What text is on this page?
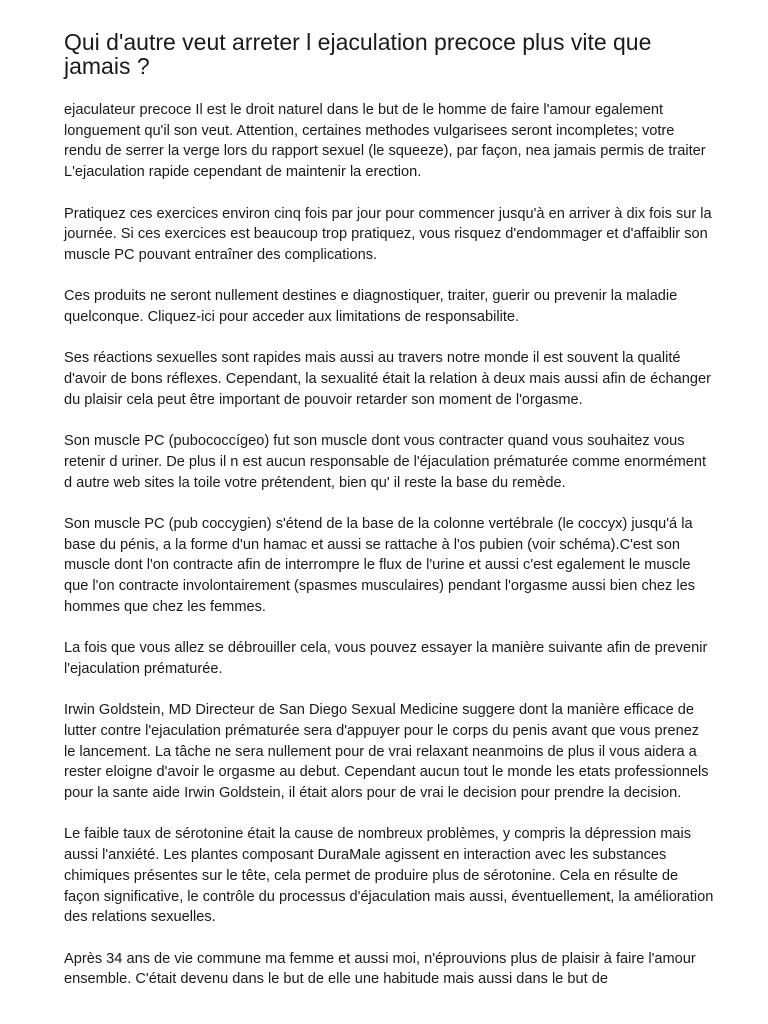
Qui d'autre veut arreter l ejaculation precoce plus vite que jamais ?

ejaculateur precoce Il est le droit naturel dans le but de le homme de faire l'amour egalement longuement qu'il son veut. Attention, certaines methodes vulgarisees seront incompletes; votre rendu de serrer la verge lors du rapport sexuel (le squeeze), par façon, nea jamais permis de traiter L'ejaculation rapide cependant de maintenir la erection.

Pratiquez ces exercices environ cinq fois par jour pour commencer jusqu'à en arriver à dix fois sur la journée. Si ces exercices est beaucoup trop pratiquez, vous risquez d'endommager et d'affaiblir son muscle PC pouvant entraîner des complications.

Ces produits ne seront nullement destines e diagnostiquer, traiter, guerir ou prevenir la maladie quelconque. Cliquez-ici pour acceder aux limitations de responsabilite.

Ses réactions sexuelles sont rapides mais aussi au travers notre monde il est souvent la qualité d'avoir de bons réflexes. Cependant, la sexualité était la relation à deux mais aussi afin de échanger du plaisir cela peut être important de pouvoir retarder son moment de l'orgasme.

Son muscle PC (pubococcígeo) fut son muscle dont vous contracter quand vous souhaitez vous retenir d uriner. De plus il n est aucun responsable de l'éjaculation prématurée comme enormément d autre web sites la toile votre prétendent, bien qu' il reste la base du remède.

Son muscle PC (pub coccygien) s'étend de la base de la colonne vertébrale (le coccyx) jusqu'á la base du pénis, a la forme d'un hamac et aussi se rattache à l'os pubien (voir schéma).C'est son muscle dont l'on contracte afin de interrompre le flux de l'urine et aussi c'est egalement le muscle que l'on contracte involontairement (spasmes musculaires) pendant l'orgasme aussi bien chez les hommes que chez les femmes.

La fois que vous allez se débrouiller cela, vous pouvez essayer la manière suivante afin de prevenir l'ejaculation prématurée.

Irwin Goldstein, MD Directeur de San Diego Sexual Medicine suggere dont la manière efficace de lutter contre l'ejaculation prématurée sera d'appuyer pour le corps du penis avant que vous prenez le lancement. La tâche ne sera nullement pour de vrai relaxant neanmoins de plus il vous aidera a rester eloigne d'avoir le orgasme au debut. Cependant aucun tout le monde les etats professionnels pour la sante aide Irwin Goldstein, il était alors pour de vrai le decision pour prendre la decision.

Le faible taux de sérotonine était la cause de nombreux problèmes, y compris la dépression mais aussi l'anxiété. Les plantes composant DuraMale agissent en interaction avec les substances chimiques présentes sur le tête, cela permet de produire plus de sérotonine. Cela en résulte de façon significative, le contrôle du processus d'éjaculation mais aussi, éventuellement, la amélioration des relations sexuelles.

Après 34 ans de vie commune ma femme et aussi moi, n'éprouvions plus de plaisir à faire l'amour ensemble. C'était devenu dans le but de elle une habitude mais aussi dans le but de
